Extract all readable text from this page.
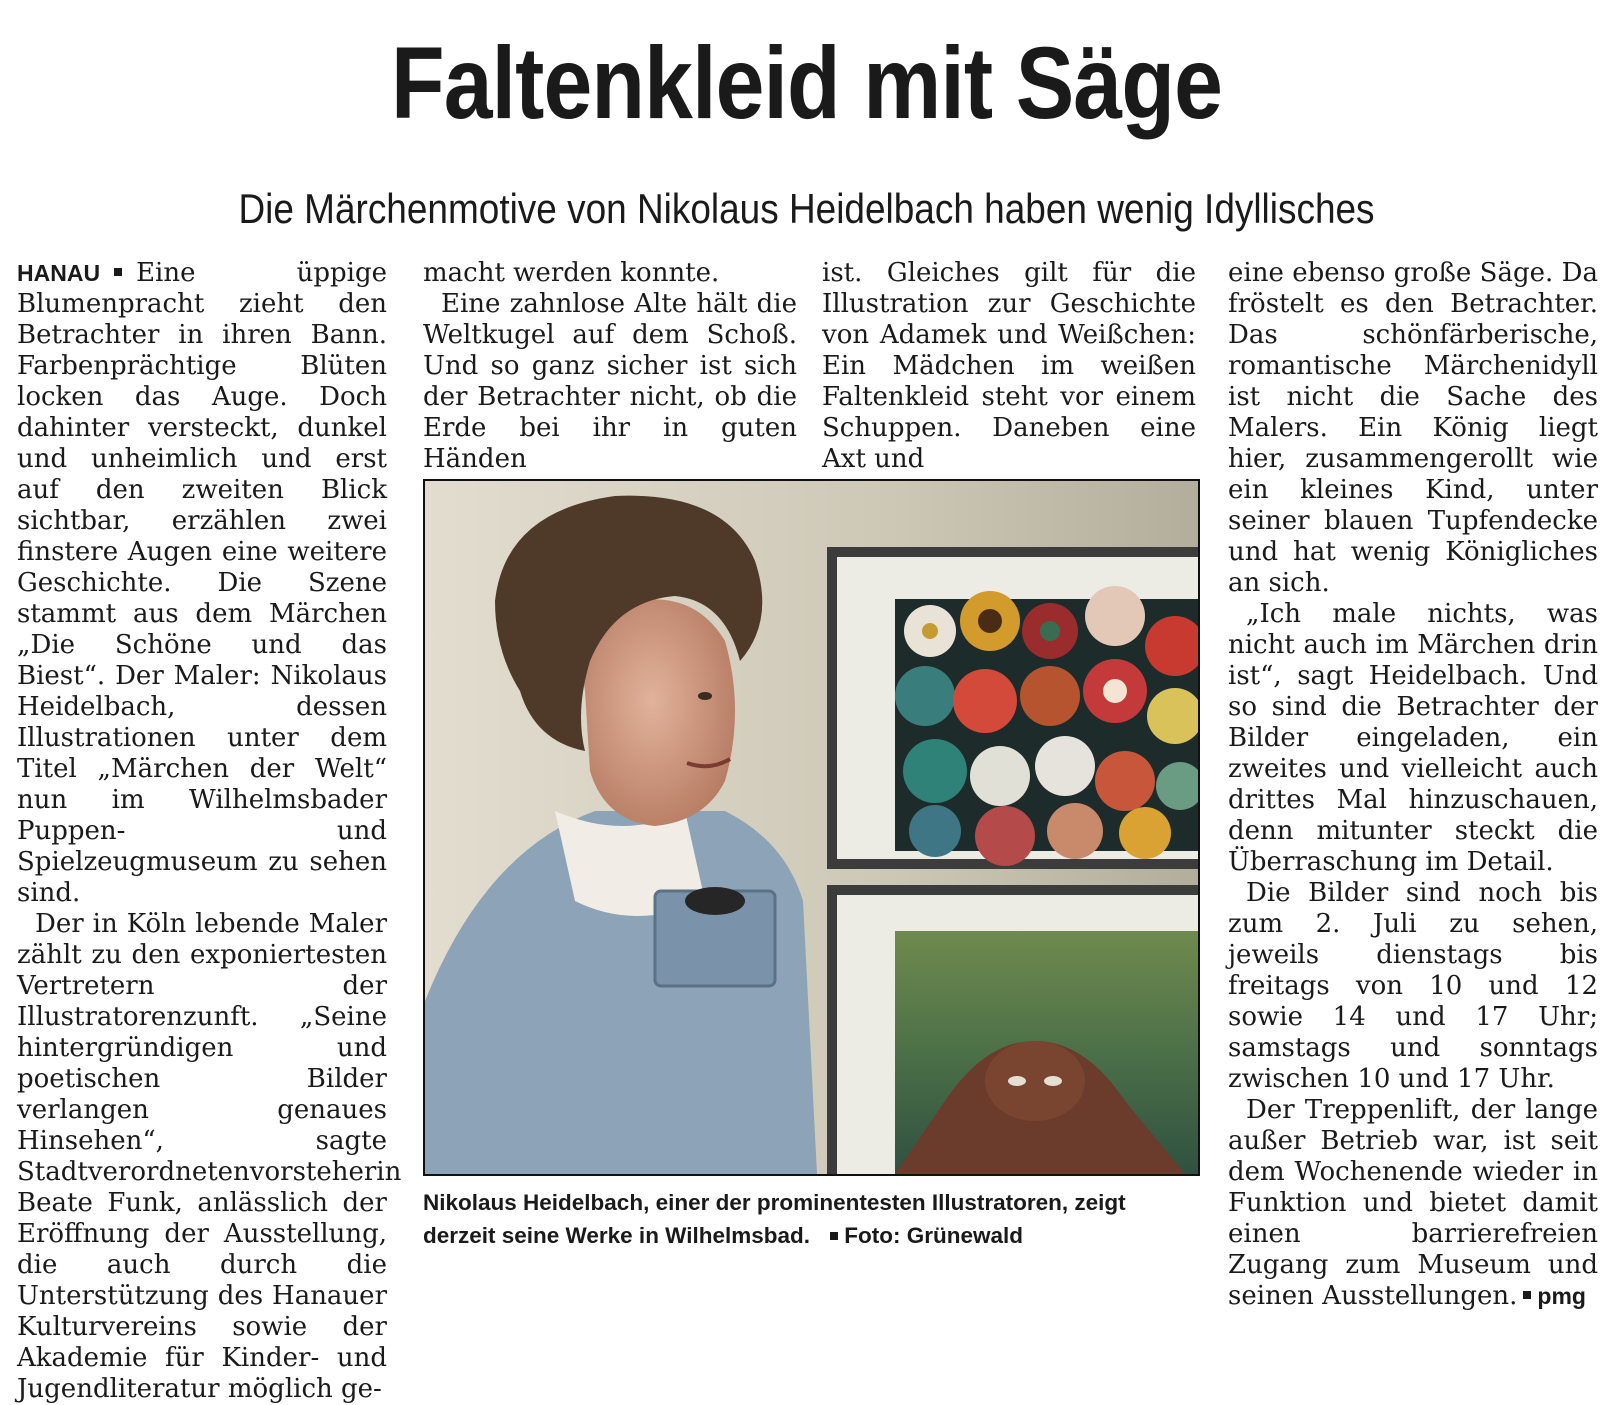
Faltenkleid mit Säge
Die Märchenmotive von Nikolaus Heidelbach haben wenig Idyllisches

HANAU Eine üppige Blumenpracht zieht den Betrachter in ihren Bann. Farbenprächtige Blüten locken das Auge. Doch dahinter versteckt, dunkel und unheimlich und erst auf den zweiten Blick sichtbar, erzählen zwei finstere Augen eine weitere Geschichte. Die Szene stammt aus dem Märchen „Die Schöne und das Biest“. Der Maler: Nikolaus Heidelbach, dessen Illustrationen unter dem Titel „Märchen der Welt“ nun im Wilhelmsbader Puppen- und Spielzeugmuseum zu sehen sind.

Der in Köln lebende Maler zählt zu den exponiertesten Vertretern der Illustratorenzunft. „Seine hintergründigen und poetischen Bilder verlangen genaues Hinsehen“, sagte Stadtverordnetenvorsteherin Beate Funk, anlässlich der Eröffnung der Ausstellung, die auch durch die Unterstützung des Hanauer Kulturvereins sowie der Akademie für Kinder- und Jugendliteratur möglich ge-

macht werden konnte.

Eine zahnlose Alte hält die Weltkugel auf dem Schoß. Und so ganz sicher ist sich der Betrachter nicht, ob die Erde bei ihr in guten Händen

ist. Gleiches gilt für die Illustration zur Geschichte von Adamek und Weißchen: Ein Mädchen im weißen Faltenkleid steht vor einem Schuppen. Daneben eine Axt und

eine ebenso große Säge. Da fröstelt es den Betrachter. Das schönfärberische, romantische Märchenidyll ist nicht die Sache des Malers. Ein König liegt hier, zusammengerollt wie ein kleines Kind, unter seiner blauen Tupfendecke und hat wenig Königliches an sich.

„Ich male nichts, was nicht auch im Märchen drin ist“, sagt Heidelbach. Und so sind die Betrachter der Bilder eingeladen, ein zweites und vielleicht auch drittes Mal hinzuschauen, denn mitunter steckt die Überraschung im Detail.

Die Bilder sind noch bis zum 2. Juli zu sehen, jeweils dienstags bis freitags von 10 und 12 sowie 14 und 17 Uhr; samstags und sonntags zwischen 10 und 17 Uhr.

Der Treppenlift, der lange außer Betrieb war, ist seit dem Wochenende wieder in Funktion und bietet damit einen barrierefreien Zugang zum Museum und seinen Ausstellungen. pmg

Nikolaus Heidelbach, einer der prominentesten Illustratoren, zeigt derzeit seine Werke in Wilhelmsbad. Foto: Grünewald
